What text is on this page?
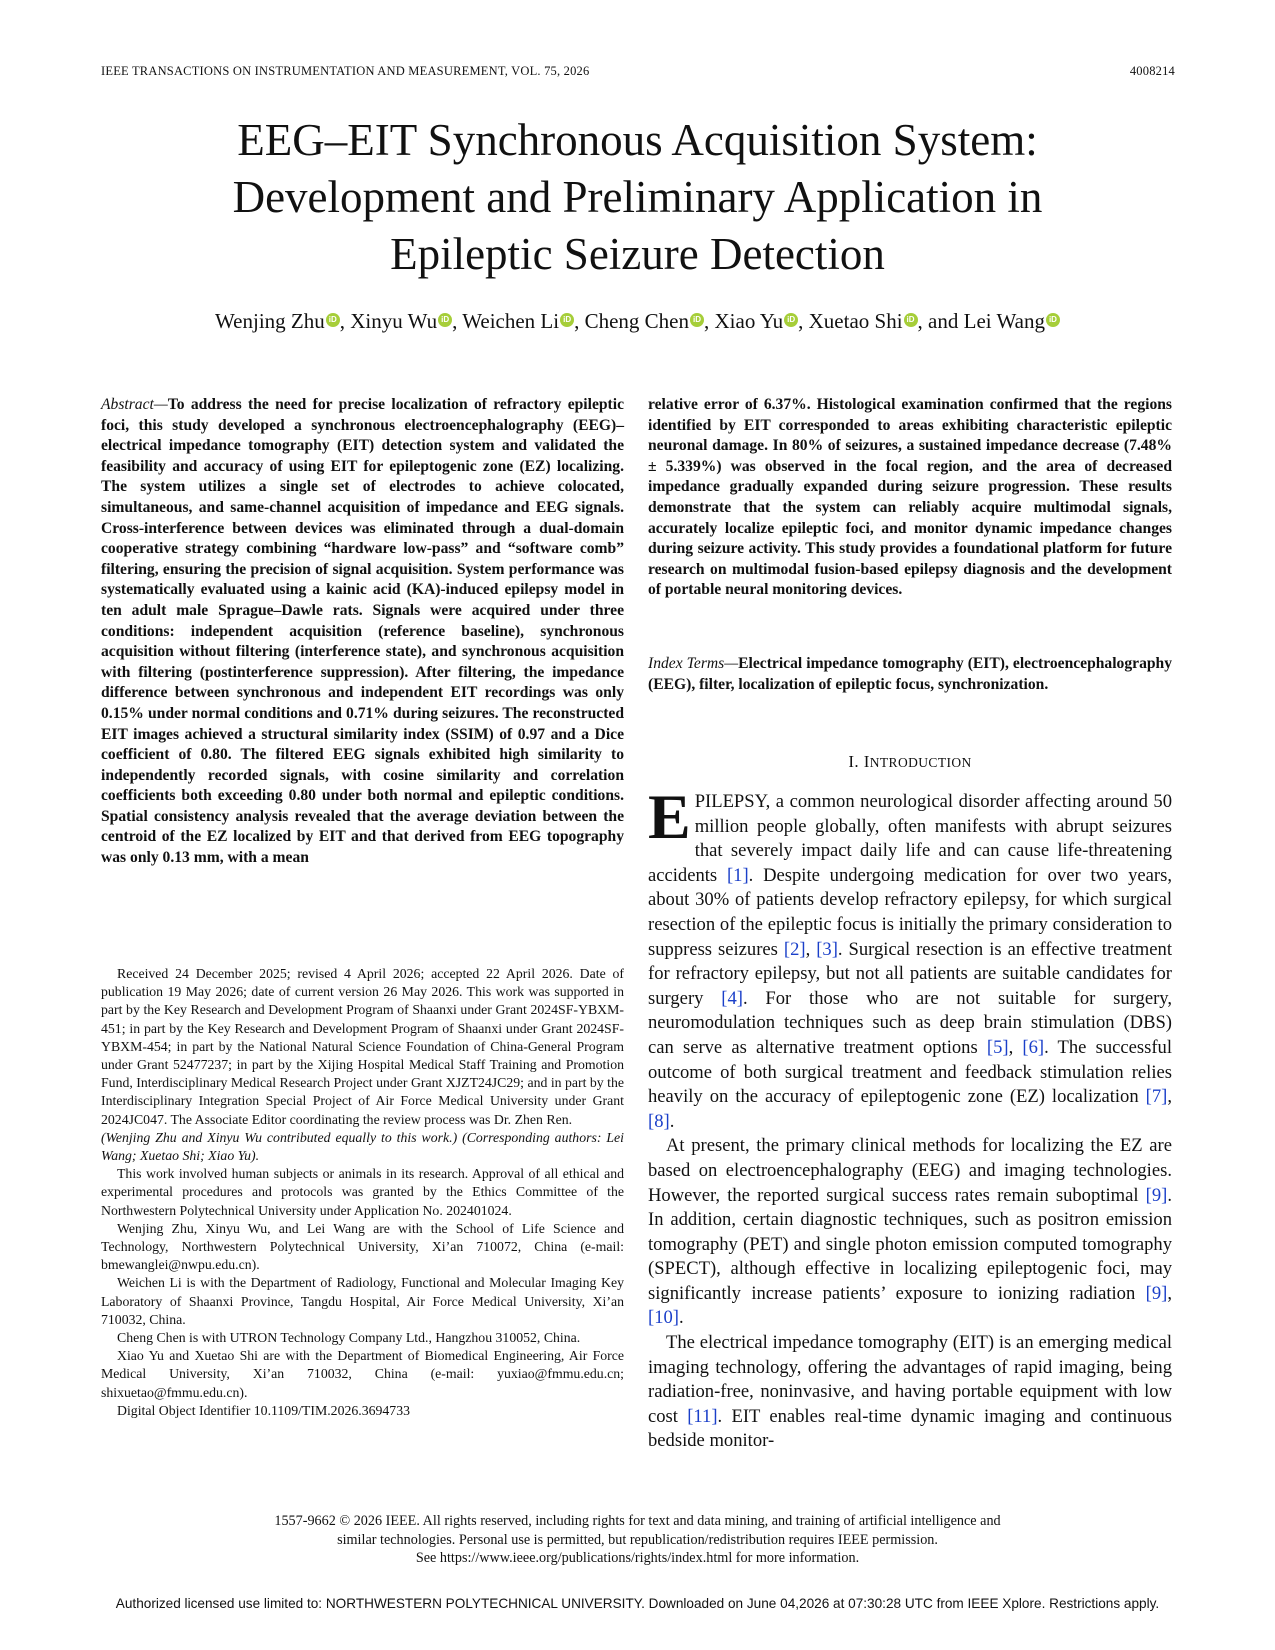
IEEE TRANSACTIONS ON INSTRUMENTATION AND MEASUREMENT, VOL. 75, 2026	4008214
EEG–EIT Synchronous Acquisition System:
Development and Preliminary Application in
Epileptic Seizure Detection
Wenjing Zhu iD , Xinyu Wu iD , Weichen Li iD , Cheng Chen iD , Xiao Yu iD , Xuetao Shi iD , and Lei Wang iD
Abstract—To address the need for precise localization of refractory epileptic foci, this study developed a synchronous electroencephalography (EEG)–electrical impedance tomography (EIT) detection system and validated the feasibility and accuracy of using EIT for epileptogenic zone (EZ) localizing. The system utilizes a single set of electrodes to achieve colocated, simultaneous, and same-channel acquisition of impedance and EEG signals. Cross-interference between devices was eliminated through a dual-domain cooperative strategy combining “hardware low-pass” and “software comb” filtering, ensuring the precision of signal acquisition. System performance was systematically evaluated using a kainic acid (KA)-induced epilepsy model in ten adult male Sprague–Dawle rats. Signals were acquired under three conditions: independent acquisition (reference baseline), synchronous acquisition without filtering (interference state), and synchronous acquisition with filtering (postinterference suppression). After filtering, the impedance difference between synchronous and independent EIT recordings was only 0.15% under normal conditions and 0.71% during seizures. The reconstructed EIT images achieved a structural similarity index (SSIM) of 0.97 and a Dice coefficient of 0.80. The filtered EEG signals exhibited high similarity to independently recorded signals, with cosine similarity and correlation coefficients both exceeding 0.80 under both normal and epileptic conditions. Spatial consistency analysis revealed that the average deviation between the centroid of the EZ localized by EIT and that derived from EEG topography was only 0.13 mm, with a mean
relative error of 6.37%. Histological examination confirmed that the regions identified by EIT corresponded to areas exhibiting characteristic epileptic neuronal damage. In 80% of seizures, a sustained impedance decrease (7.48% ± 5.339%) was observed in the focal region, and the area of decreased impedance gradually expanded during seizure progression. These results demonstrate that the system can reliably acquire multimodal signals, accurately localize epileptic foci, and monitor dynamic impedance changes during seizure activity. This study provides a foundational platform for future research on multimodal fusion-based epilepsy diagnosis and the development of portable neural monitoring devices.
Index Terms—Electrical impedance tomography (EIT), electroencephalography (EEG), filter, localization of epileptic focus, synchronization.
I. INTRODUCTION

Received 24 December 2025; revised 4 April 2026; accepted 22 April 2026. Date of publication 19 May 2026; date of current version 26 May 2026. This work was supported in part by the Key Research and Development Program of Shaanxi under Grant 2024SF-YBXM-451; in part by the Key Research and Development Program of Shaanxi under Grant 2024SF-YBXM-454; in part by the National Natural Science Foundation of China-General Program under Grant 52477237; in part by the Xijing Hospital Medical Staff Training and Promotion Fund, Interdisciplinary Medical Research Project under Grant XJZT24JC29; and in part by the Interdisciplinary Integration Special Project of Air Force Medical University under Grant 2024JC047. The Associate Editor coordinating the review process was Dr. Zhen Ren.

(Wenjing Zhu and Xinyu Wu contributed equally to this work.) (Corresponding authors: Lei Wang; Xuetao Shi; Xiao Yu).

This work involved human subjects or animals in its research. Approval of all ethical and experimental procedures and protocols was granted by the Ethics Committee of the Northwestern Polytechnical University under Application No. 202401024.

Wenjing Zhu, Xinyu Wu, and Lei Wang are with the School of Life Science and Technology, Northwestern Polytechnical University, Xi’an 710072, China (e-mail: bmewanglei@nwpu.edu.cn).

Weichen Li is with the Department of Radiology, Functional and Molecular Imaging Key Laboratory of Shaanxi Province, Tangdu Hospital, Air Force Medical University, Xi’an 710032, China.

Cheng Chen is with UTRON Technology Company Ltd., Hangzhou 310052, China.

Xiao Yu and Xuetao Shi are with the Department of Biomedical Engineering, Air Force Medical University, Xi’an 710032, China (e-mail: yuxiao@fmmu.edu.cn; shixuetao@fmmu.edu.cn).

Digital Object Identifier 10.1109/TIM.2026.3694733

EPILEPSY, a common neurological disorder affecting around 50 million people globally, often manifests with abrupt seizures that severely impact daily life and can cause life-threatening accidents [1]. Despite undergoing medication for over two years, about 30% of patients develop refractory epilepsy, for which surgical resection of the epileptic focus is initially the primary consideration to suppress seizures [2], [3]. Surgical resection is an effective treatment for refractory epilepsy, but not all patients are suitable candidates for surgery [4]. For those who are not suitable for surgery, neuromodulation techniques such as deep brain stimulation (DBS) can serve as alternative treatment options [5], [6]. The successful outcome of both surgical treatment and feedback stimulation relies heavily on the accuracy of epileptogenic zone (EZ) localization [7], [8].

At present, the primary clinical methods for localizing the EZ are based on electroencephalography (EEG) and imaging technologies. However, the reported surgical success rates remain suboptimal [9]. In addition, certain diagnostic techniques, such as positron emission tomography (PET) and single photon emission computed tomography (SPECT), although effective in localizing epileptogenic foci, may significantly increase patients’ exposure to ionizing radiation [9], [10].

The electrical impedance tomography (EIT) is an emerging medical imaging technology, offering the advantages of rapid imaging, being radiation-free, noninvasive, and having portable equipment with low cost [11]. EIT enables real-time dynamic imaging and continuous bedside monitor-

1557-9662 © 2026 IEEE. All rights reserved, including rights for text and data mining, and training of artificial intelligence and
similar technologies. Personal use is permitted, but republication/redistribution requires IEEE permission.
See https://www.ieee.org/publications/rights/index.html for more information.
Authorized licensed use limited to: NORTHWESTERN POLYTECHNICAL UNIVERSITY. Downloaded on June 04,2026 at 07:30:28 UTC from IEEE Xplore. Restrictions apply.
